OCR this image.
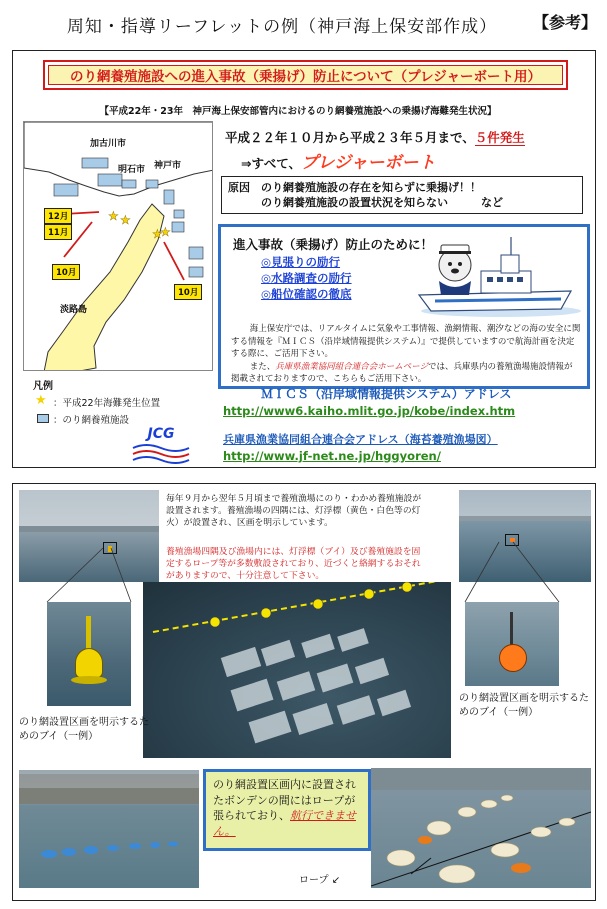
周知・指導リーフレットの例（神戸海上保安部作成）	【参考】
のり網養殖施設への進入事故（乗揚げ）防止について（プレジャーボート用）
【平成22年・23年　神戸海上保安部管内におけるのり網養殖施設への乗揚げ海難発生状況】
★ ★
★
★
加古川市
明石市 神戸市
淡路島
12月
11月
10月
10月
平成２２年１０月から平成２３年５月まで、５件発生
⇒すべて、プレジャーボート
原因　のり網養殖施設の存在を知らずに乗揚げ！！
　　　のり網養殖施設の設置状況を知らない　　　など
進入事故（乗揚げ）防止のために！
◎見張りの励行
◎水路調査の励行
◎船位確認の徹底
海上保安庁では、リアルタイムに気象や工事情報、漁網情報、潮汐などの海の安全に関する情報を『ＭＩＣＳ（沿岸域情報提供システム）』で提供していますので航海計画を決定する際に、ご活用下さい。
また、兵庫県漁業協同組合連合会ホームページでは、兵庫県内の養殖漁場施設情報が掲載されておりますので、こちらもご活用下さい。
凡例
★ ：平成22年海難発生位置
：のり網養殖施設
JCG
ＭＩＣＳ（沿岸域情報提供システム）アドレス
http://www6.kaiho.mlit.go.jp/kobe/index.htm
兵庫県漁業協同組合連合会アドレス（海苔養殖漁場図）
http://www.jf-net.ne.jp/hggyoren/
毎年９月から翌年５月頃まで養殖漁場にのり・わかめ養殖施設が設置されます。養殖漁場の四隅には、灯浮標（黄色・白色等の灯火）が設置され、区画を明示しています。
養殖漁場四隅及び漁場内には、灯浮標（ブイ）及び養殖施設を固定するロープ等が多数敷設されており、近づくと絡網するおそれがありますので、十分注意して下さい。
のり網設置区画を明示するためのブイ（一例）
のり網設置区画を明示するためのブイ（一例）
のり網設置区画内に設置されたボンデンの間にはロープが張られており、航行できません。
ロープ ↙
